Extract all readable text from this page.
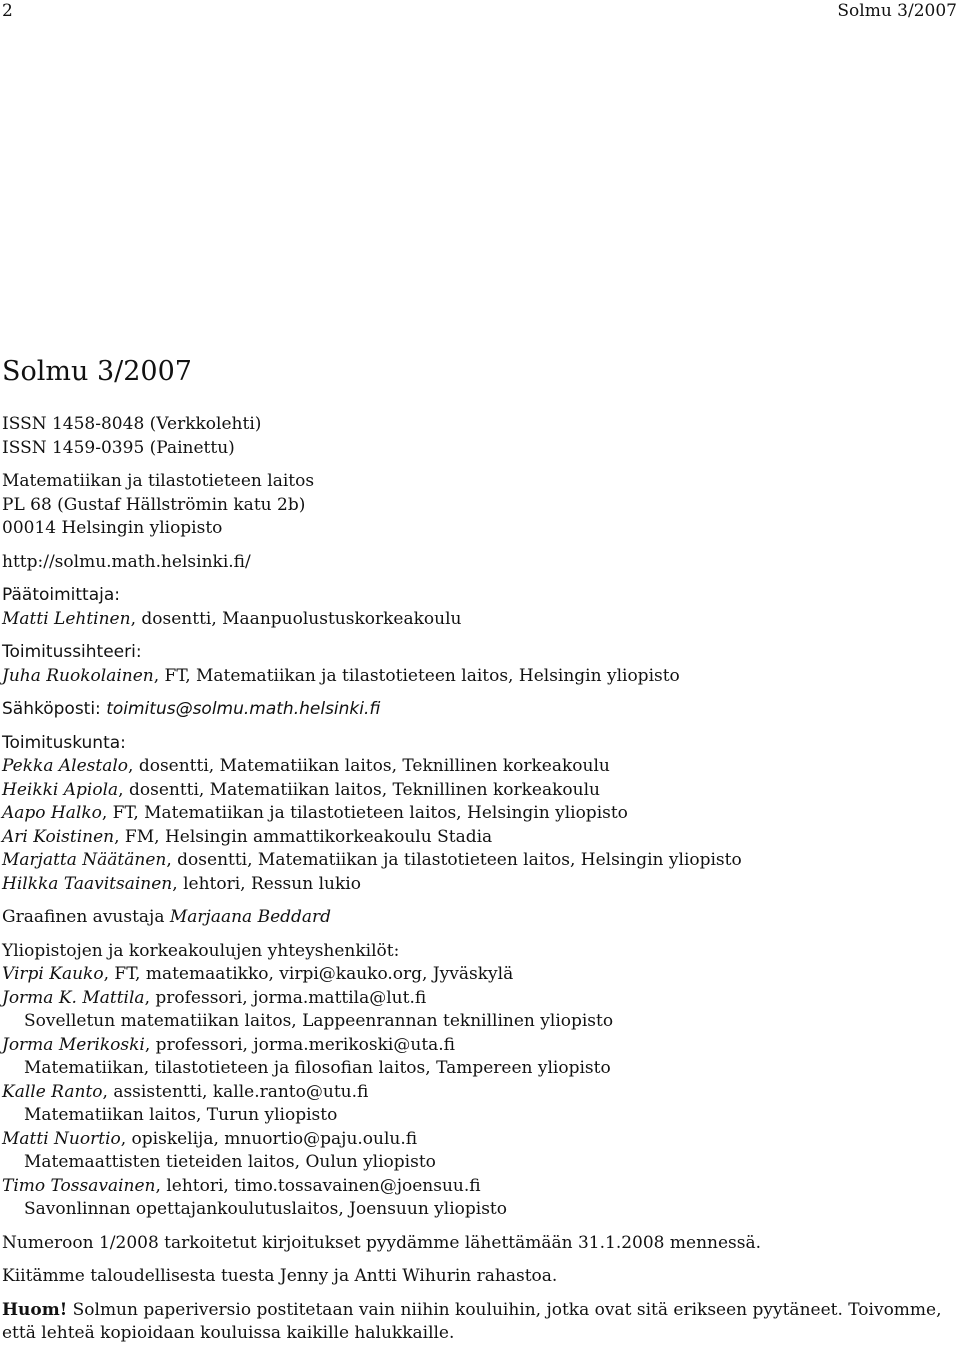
2	Solmu 3/2007
Solmu 3/2007

ISSN 1458-8048 (Verkkolehti)

ISSN 1459-0395 (Painettu)

Matematiikan ja tilastotieteen laitos

PL 68 (Gustaf Hällströmin katu 2b)

00014 Helsingin yliopisto

http://solmu.math.helsinki.fi/

Päätoimittaja:

Matti Lehtinen, dosentti, Maanpuolustuskorkeakoulu

Toimitussihteeri:

Juha Ruokolainen, FT, Matematiikan ja tilastotieteen laitos, Helsingin yliopisto

Sähköposti: toimitus@solmu.math.helsinki.fi

Toimituskunta:

Pekka Alestalo, dosentti, Matematiikan laitos, Teknillinen korkeakoulu

Heikki Apiola, dosentti, Matematiikan laitos, Teknillinen korkeakoulu

Aapo Halko, FT, Matematiikan ja tilastotieteen laitos, Helsingin yliopisto

Ari Koistinen, FM, Helsingin ammattikorkeakoulu Stadia

Marjatta Näätänen, dosentti, Matematiikan ja tilastotieteen laitos, Helsingin yliopisto

Hilkka Taavitsainen, lehtori, Ressun lukio

Graafinen avustaja Marjaana Beddard

Yliopistojen ja korkeakoulujen yhteyshenkilöt:

Virpi Kauko, FT, matemaatikko, virpi@kauko.org, Jyväskylä

Jorma K. Mattila, professori, jorma.mattila@lut.fi

Sovelletun matematiikan laitos, Lappeenrannan teknillinen yliopisto

Jorma Merikoski, professori, jorma.merikoski@uta.fi

Matematiikan, tilastotieteen ja filosofian laitos, Tampereen yliopisto

Kalle Ranto, assistentti, kalle.ranto@utu.fi

Matematiikan laitos, Turun yliopisto

Matti Nuortio, opiskelija, mnuortio@paju.oulu.fi

Matemaattisten tieteiden laitos, Oulun yliopisto

Timo Tossavainen, lehtori, timo.tossavainen@joensuu.fi

Savonlinnan opettajankoulutuslaitos, Joensuun yliopisto

Numeroon 1/2008 tarkoitetut kirjoitukset pyydämme lähettämään 31.1.2008 mennessä.

Kiitämme taloudellisesta tuesta Jenny ja Antti Wihurin rahastoa.

Huom! Solmun paperiversio postitetaan vain niihin kouluihin, jotka ovat sitä erikseen pyytäneet. Toivomme, että lehteä kopioidaan kouluissa kaikille halukkaille.
